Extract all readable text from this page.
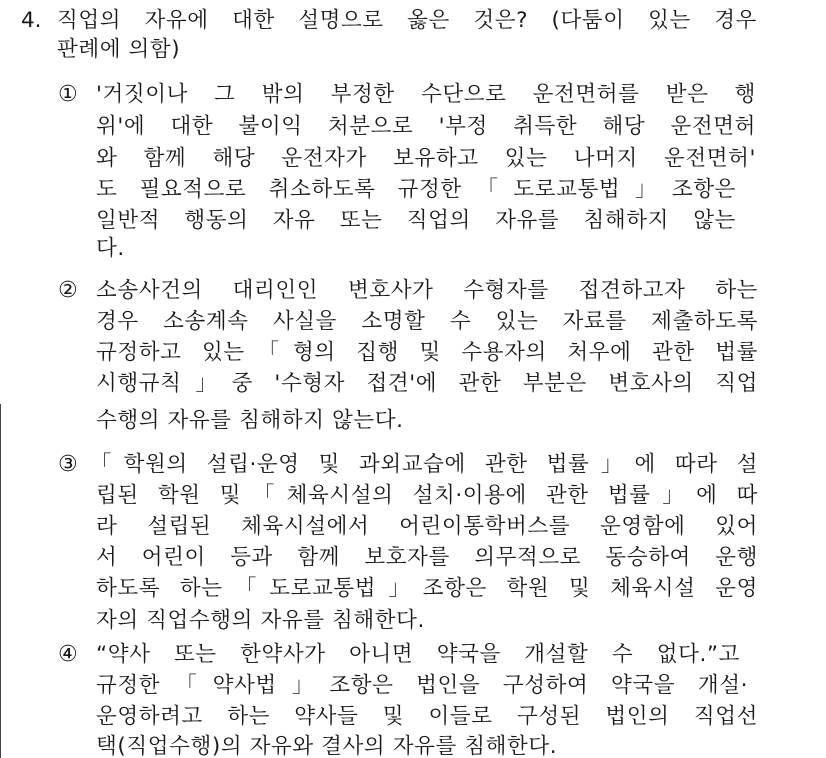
4. 직업의 자유에 대한 설명으로 옳은 것은? (다툼이 있는 경우
판례에 의함)
① '거짓이나 그 밖의 부정한 수단으로 운전면허를 받은 행
위'에 대한 불이익 처분으로 '부정 취득한 해당 운전면허
와 함께 해당 운전자가 보유하고 있는 나머지 운전면허'
도 필요적으로 취소하도록 규정한「도로교통법」조항은
일반적 행동의 자유 또는 직업의 자유를 침해하지 않는
다.
② 소송사건의 대리인인 변호사가 수형자를 접견하고자 하는
경우 소송계속 사실을 소명할 수 있는 자료를 제출하도록
규정하고 있는「형의 집행 및 수용자의 처우에 관한 법률
시행규칙」중 '수형자 접견'에 관한 부분은 변호사의 직업
수행의 자유를 침해하지 않는다.
③ 「학원의 설립·운영 및 과외교습에 관한 법률」에 따라 설
립된 학원 및「체육시설의 설치·이용에 관한 법률」에 따
라 설립된 체육시설에서 어린이통학버스를 운영함에 있어
서 어린이 등과 함께 보호자를 의무적으로 동승하여 운행
하도록 하는「도로교통법」조항은 학원 및 체육시설 운영
자의 직업수행의 자유를 침해한다.
④ “약사 또는 한약사가 아니면 약국을 개설할 수 없다.”고
규정한「약사법」조항은 법인을 구성하여 약국을 개설·
운영하려고 하는 약사들 및 이들로 구성된 법인의 직업선
택(직업수행)의 자유와 결사의 자유를 침해한다.
